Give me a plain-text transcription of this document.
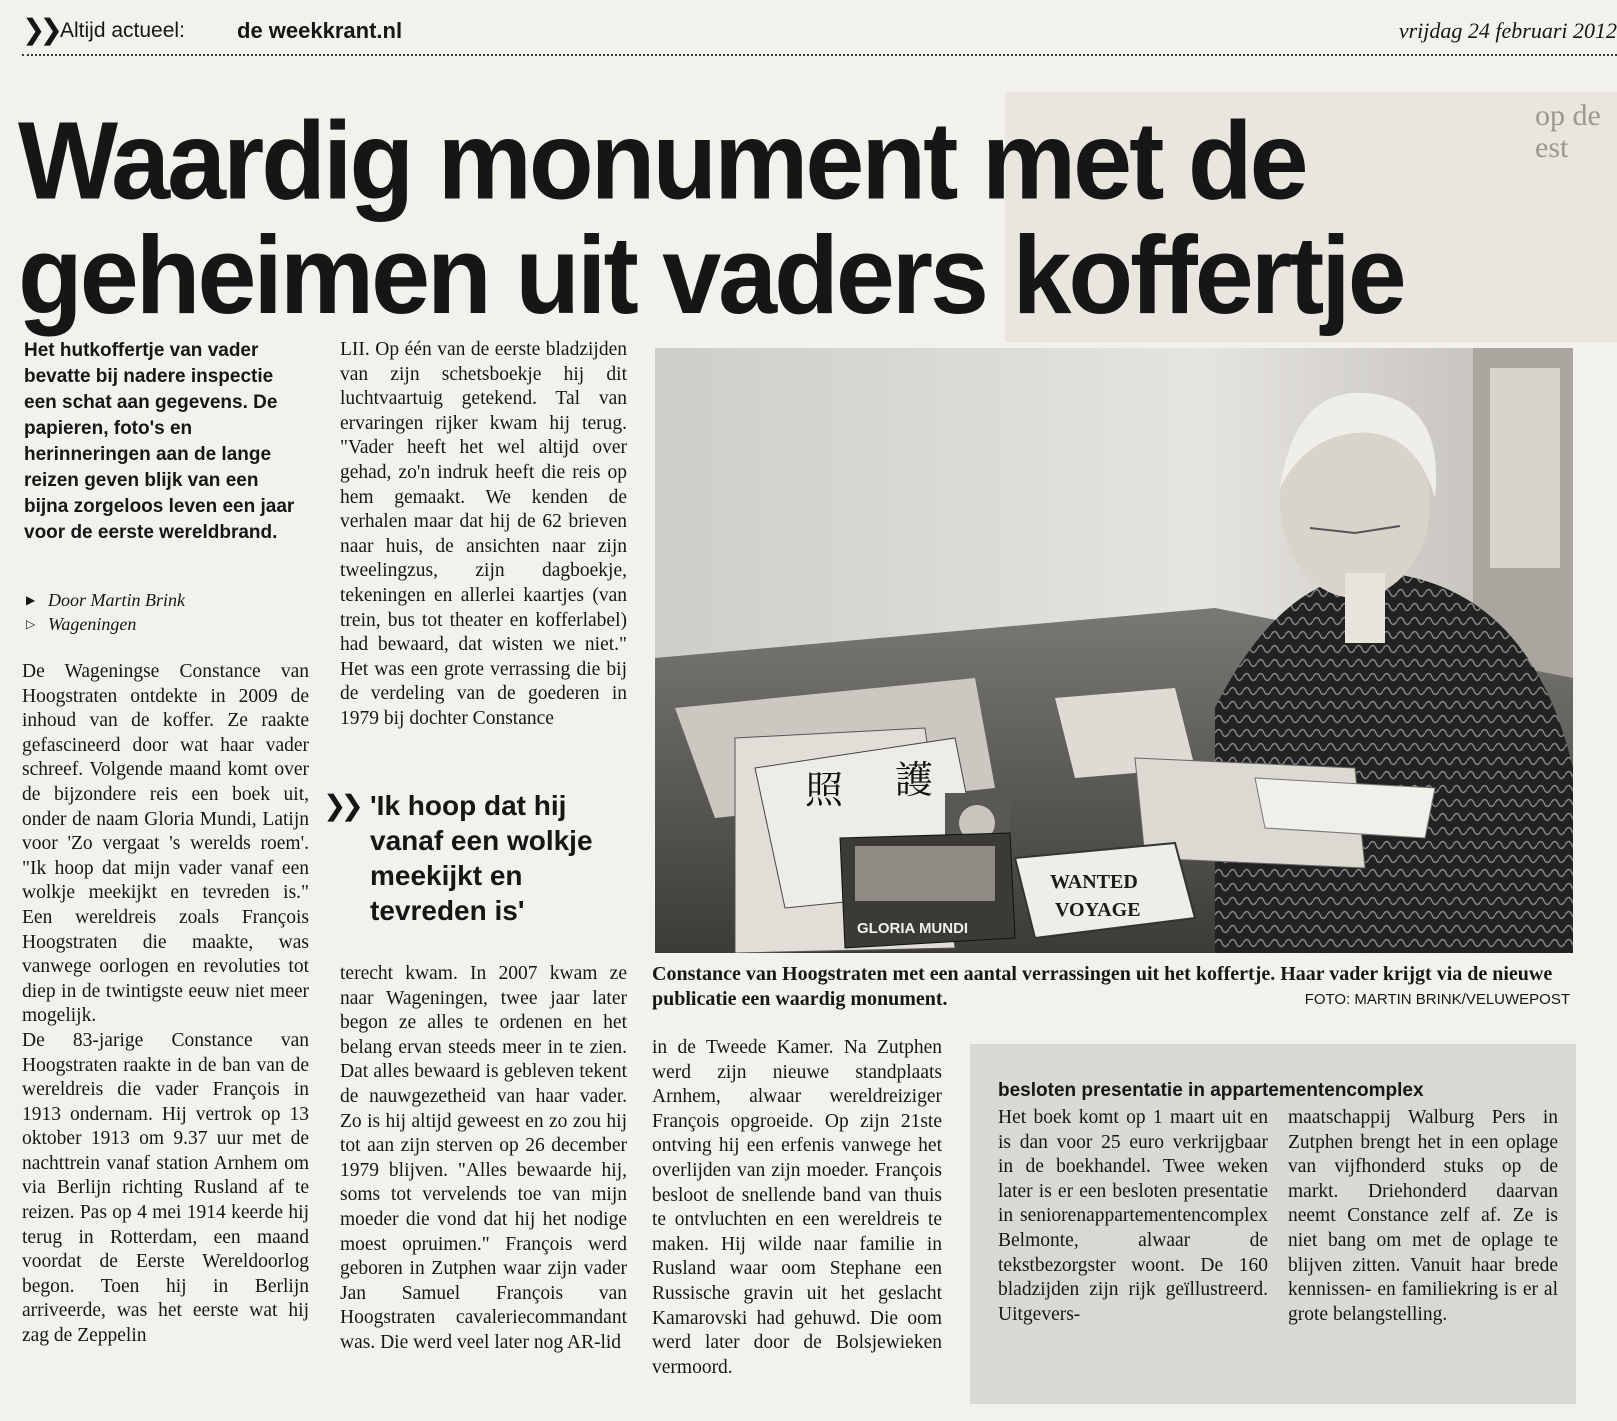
❯❯ Altijd actueel: de weekkrant.nl	vrijdag 24 februari 2012
op de
est
Waardig monument met de geheimen uit vaders koffertje

Het hutkoffertje van vader bevatte bij nadere inspectie een schat aan gegevens. De papieren, foto's en herinneringen aan de lange reizen geven blijk van een bijna zorgeloos leven een jaar voor de eerste wereldbrand.

▶ Door Martin Brink
▷ Wageningen

De Wageningse Constance van Hoogstraten ontdekte in 2009 de inhoud van de koffer. Ze raakte gefascineerd door wat haar vader schreef. Volgende maand komt over de bijzondere reis een boek uit, onder de naam Gloria Mundi, Latijn voor 'Zo vergaat 's werelds roem'. "Ik hoop dat mijn vader vanaf een wolkje meekijkt en tevreden is." Een wereldreis zoals François Hoogstraten die maakte, was vanwege oorlogen en revoluties tot diep in de twintigste eeuw niet meer mogelijk.

De 83-jarige Constance van Hoogstraten raakte in de ban van de wereldreis die vader François in 1913 ondernam. Hij vertrok op 13 oktober 1913 om 9.37 uur met de nachttrein vanaf station Arnhem om via Berlijn richting Rusland af te reizen. Pas op 4 mei 1914 keerde hij terug in Rotterdam, een maand voordat de Eerste Wereldoorlog begon. Toen hij in Berlijn arriveerde, was het eerste wat hij zag de Zeppelin

LII. Op één van de eerste bladzijden van zijn schetsboekje hij dit luchtvaartuig getekend. Tal van ervaringen rijker kwam hij terug. "Vader heeft het wel altijd over gehad, zo'n indruk heeft die reis op hem gemaakt. We kenden de verhalen maar dat hij de 62 brieven naar huis, de ansichten naar zijn tweelingzus, zijn dagboekje, tekeningen en allerlei kaartjes (van trein, bus tot theater en kofferlabel) had bewaard, dat wisten we niet." Het was een grote verrassing die bij de verdeling van de goederen in 1979 bij dochter Constance

❯❯ 'Ik hoop dat hij vanaf een wolkje meekijkt en tevreden is'

terecht kwam. In 2007 kwam ze naar Wageningen, twee jaar later begon ze alles te ordenen en het belang ervan steeds meer in te zien. Dat alles bewaard is gebleven tekent de nauwgezetheid van haar vader. Zo is hij altijd geweest en zo zou hij tot aan zijn sterven op 26 december 1979 blijven. "Alles bewaarde hij, soms tot vervelends toe van mijn moeder die vond dat hij het nodige moest opruimen." François werd geboren in Zutphen waar zijn vader Jan Samuel François van Hoogstraten cavaleriecommandant was. Die werd veel later nog AR-lid

照 護
GLORIA MUNDI
WANTED
VOYAGE
Constance van Hoogstraten met een aantal verrassingen uit het koffertje. Haar vader krijgt via de nieuwe publicatie een waardig monument.	FOTO: MARTIN BRINK/VELUWEPOST

in de Tweede Kamer. Na Zutphen werd zijn nieuwe standplaats Arnhem, alwaar wereldreiziger François opgroeide. Op zijn 21ste ontving hij een erfenis vanwege het overlijden van zijn moeder. François besloot de snellende band van thuis te ontvluchten en een wereldreis te maken. Hij wilde naar familie in Rusland waar oom Stephane een Russische gravin uit het geslacht Kamarovski had gehuwd. Die oom werd later door de Bolsjewieken vermoord.

besloten presentatie in appartementencomplex
Het boek komt op 1 maart uit en is dan voor 25 euro verkrijgbaar in de boekhandel. Twee weken later is er een besloten presentatie in seniorenappartementencomplex Belmonte, alwaar de tekstbezorgster woont. De 160 bladzijden zijn rijk geïllustreerd. Uitgevers-
maatschappij Walburg Pers in Zutphen brengt het in een oplage van vijfhonderd stuks op de markt. Driehonderd daarvan neemt Constance zelf af. Ze is niet bang om met de oplage te blijven zitten. Vanuit haar brede kennissen- en familiekring is er al grote belangstelling.
